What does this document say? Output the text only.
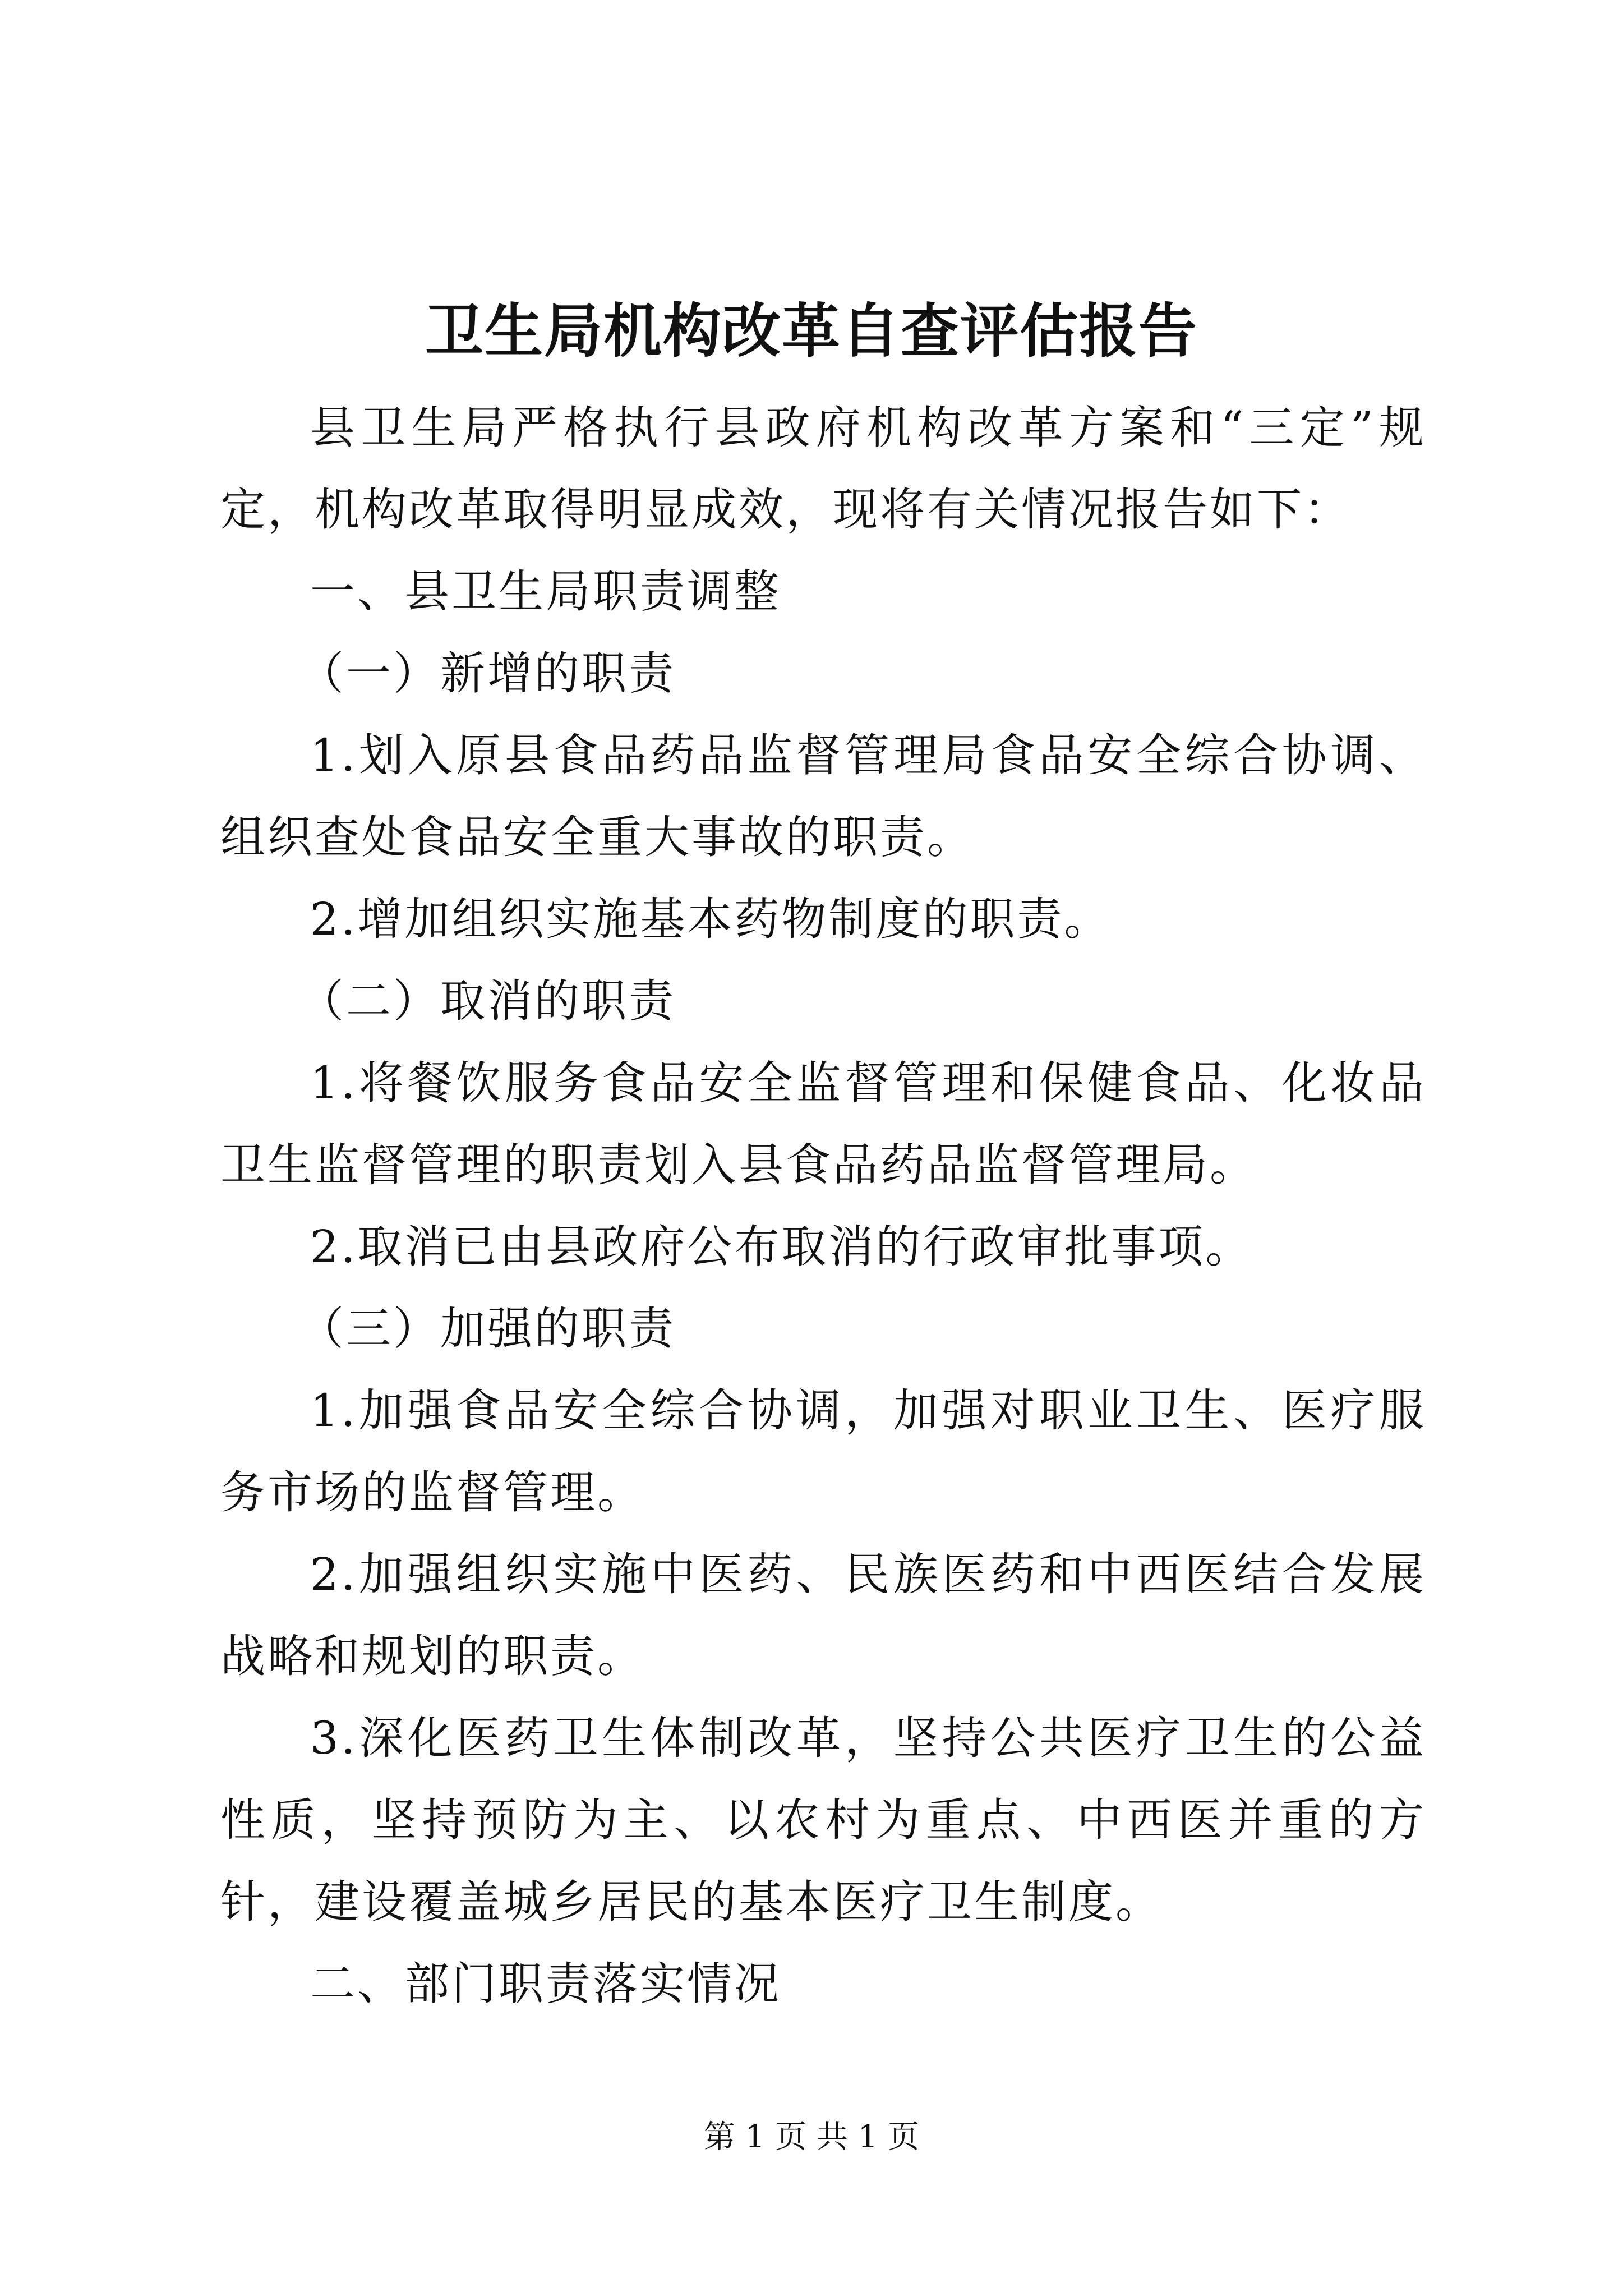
卫生局机构改革自查评估报告

县卫生局严格执行县政府机构改革方案和“三定”规定，机构改革取得明显成效，现将有关情况报告如下：

一、县卫生局职责调整

（一）新增的职责

1.划入原县食品药品监督管理局食品安全综合协调、组织查处食品安全重大事故的职责。

2.增加组织实施基本药物制度的职责。

（二）取消的职责

1.将餐饮服务食品安全监督管理和保健食品、化妆品卫生监督管理的职责划入县食品药品监督管理局。

2.取消已由县政府公布取消的行政审批事项。

（三）加强的职责

1.加强食品安全综合协调，加强对职业卫生、医疗服务市场的监督管理。

2.加强组织实施中医药、民族医药和中西医结合发展战略和规划的职责。

3.深化医药卫生体制改革，坚持公共医疗卫生的公益性质，坚持预防为主、以农村为重点、中西医并重的方针，建设覆盖城乡居民的基本医疗卫生制度。

二、部门职责落实情况

第 1 页 共 1 页
